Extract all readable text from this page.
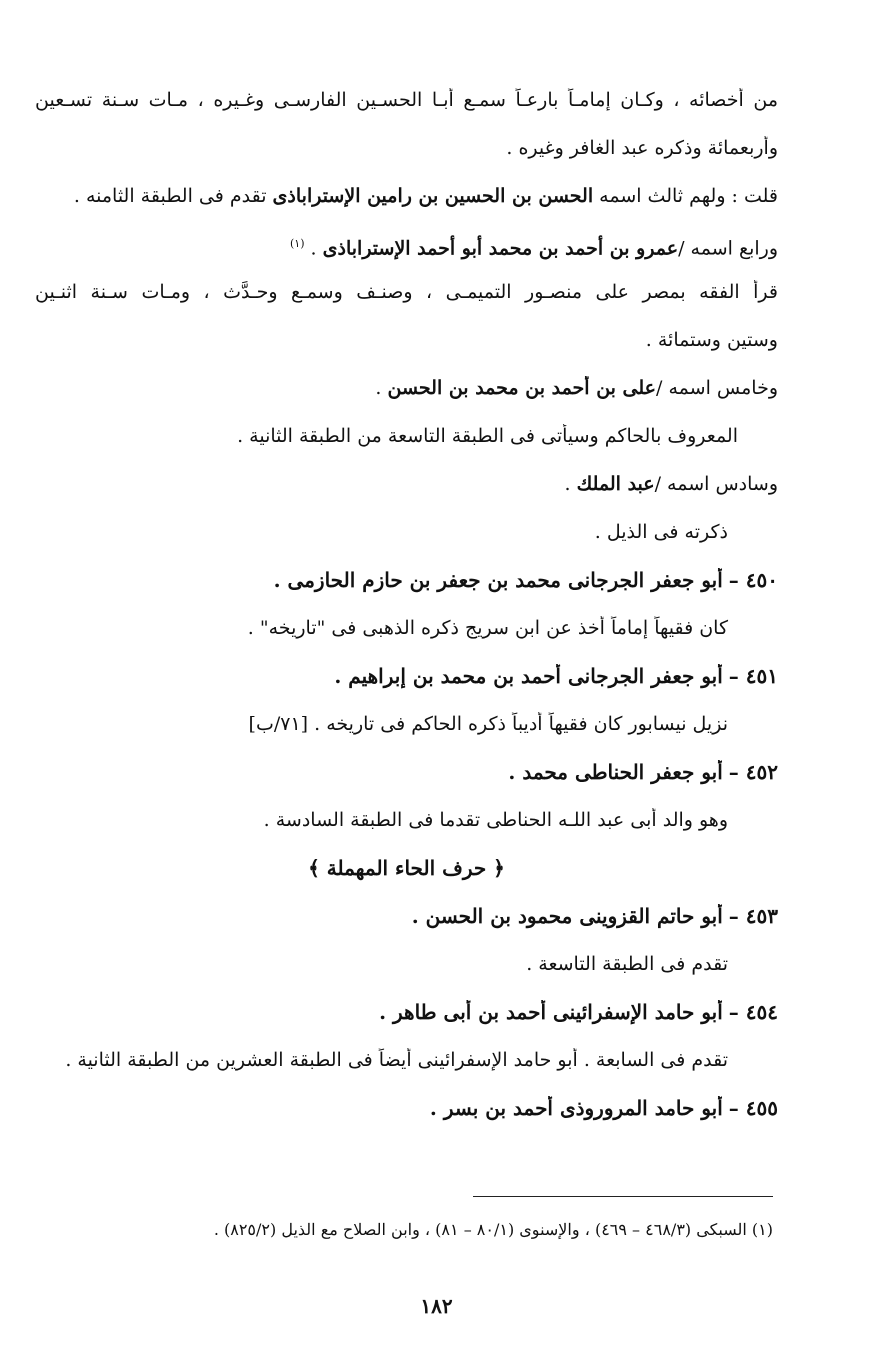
من أخصائه ، وكـان إمامـاً بارعـاً سمـع أبـا الحسـين الفارسـى وغـيره ، مـات سـنة تسـعين
وأربعمائة وذكره عبد الغافر وغيره .
قلت : ولهم ثالث اسمه الحسن بن الحسين بن رامين الإستراباذى تقدم فى الطبقة الثامنه .
ورابع اسمه /عمرو بن أحمد بن محمد أبو أحمد الإستراباذى . $^{(١)}$
قرأ الفقه بمصر على منصـور التميمـى ، وصنـف وسمـع وحـدَّث ، ومـات سـنة اثنـين
وستين وستمائة .
وخامس اسمه /على بن أحمد بن محمد بن الحسن .
المعروف بالحاكم وسيأتى فى الطبقة التاسعة من الطبقة الثانية .
وسادس اسمه /عبد الملك .
ذكرته فى الذيل .
٤٥٠ –أبو جعفر الجرجانى محمد بن جعفر بن حازم الحازمى .
كان فقيهاً إماماً أخذ عن ابن سريج ذكره الذهبى فى "تاريخه" .
٤٥١ –أبو جعفر الجرجانى أحمد بن محمد بن إبراهيم .
نزيل نيسابور كان فقيهاً أديباً ذكره الحاكم فى تاريخه . [٧١/ب]
٤٥٢ –أبو جعفر الحناطى محمد .
وهو والد أبى عبد اللـه الحناطى تقدما فى الطبقة السادسة .
﴿ حرف الحاء المهملة ﴾
٤٥٣ –أبو حاتم القزوينى محمود بن الحسن .
تقدم فى الطبقة التاسعة .
٤٥٤ –أبو حامد الإسفرائينى أحمد بن أبى طاهر .
تقدم فى السابعة . أبو حامد الإسفرائينى أيضاً فى الطبقة العشرين من الطبقة الثانية .
٤٥٥ –أبو حامد المروروذى أحمد بن بسر .
(١) السبكى (٤٦٨/٣ – ٤٦٩) ، والإسنوى (٨٠/١ – ٨١) ، وابن الصلاح مع الذيل (٨٢٥/٢) .
١٨٢
